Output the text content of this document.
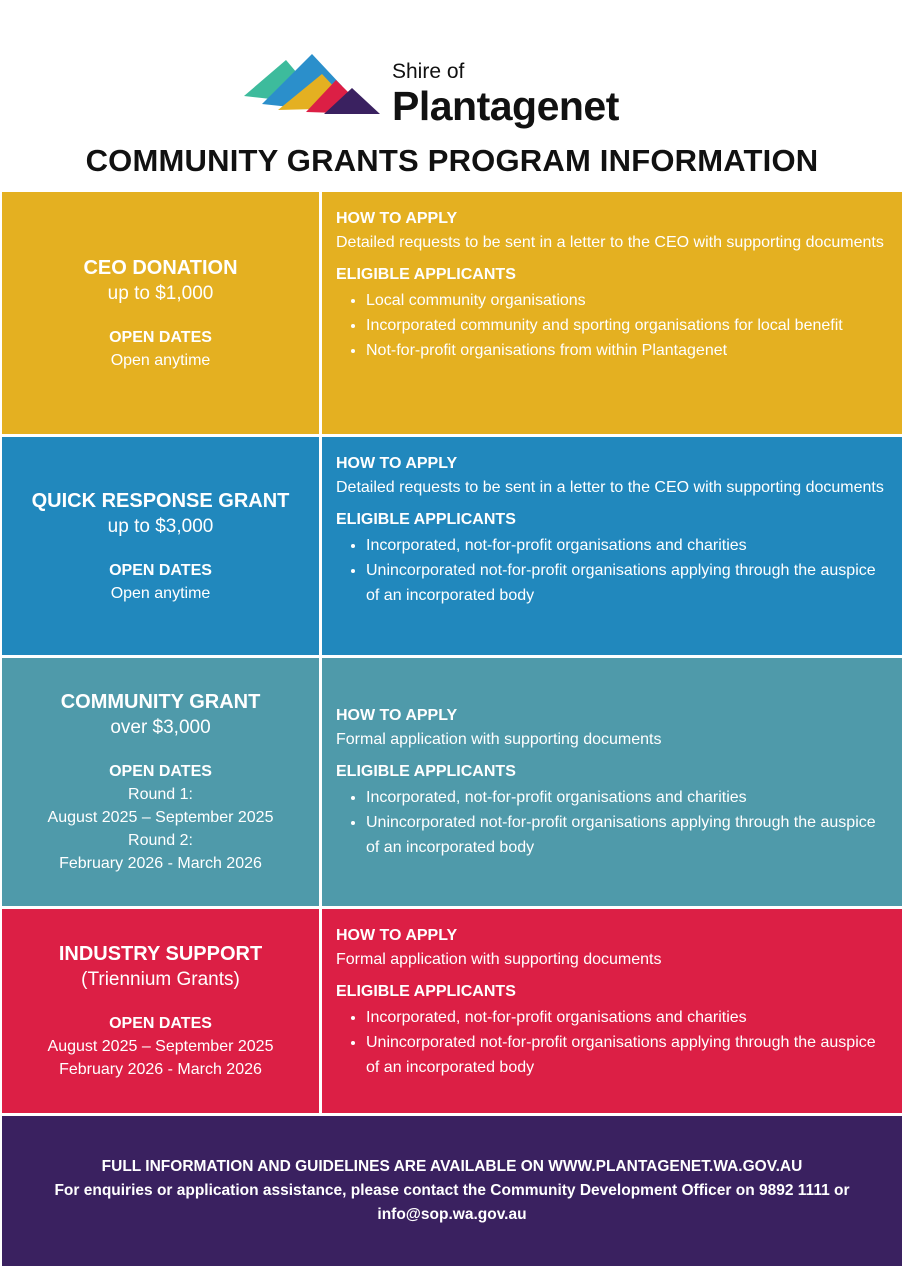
Shire of
Plantagenet
COMMUNITY GRANTS PROGRAM INFORMATION
CEO DONATION
up to $1,000
OPEN DATES
Open anytime
HOW TO APPLY
Detailed requests to be sent in a letter to the CEO with supporting documents
ELIGIBLE APPLICANTS
• Local community organisations
• Incorporated community and sporting organisations for local benefit
• Not-for-profit organisations from within Plantagenet
QUICK RESPONSE GRANT
up to $3,000
OPEN DATES
Open anytime
HOW TO APPLY
Detailed requests to be sent in a letter to the CEO with supporting documents
ELIGIBLE APPLICANTS
• Incorporated, not-for-profit organisations and charities
• Unincorporated not-for-profit organisations applying through the auspice of an incorporated body
COMMUNITY GRANT
over $3,000
OPEN DATES
Round 1:
August 2025 – September 2025
Round 2:
February 2026 - March 2026
HOW TO APPLY
Formal application with supporting documents
ELIGIBLE APPLICANTS
• Incorporated, not-for-profit organisations and charities
• Unincorporated not-for-profit organisations applying through the auspice of an incorporated body
INDUSTRY SUPPORT
(Triennium Grants)
OPEN DATES
August 2025 – September 2025
February 2026 - March 2026
HOW TO APPLY
Formal application with supporting documents
ELIGIBLE APPLICANTS
• Incorporated, not-for-profit organisations and charities
• Unincorporated not-for-profit organisations applying through the auspice of an incorporated body
FULL INFORMATION AND GUIDELINES ARE AVAILABLE ON WWW.PLANTAGENET.WA.GOV.AU
For enquiries or application assistance, please contact the Community Development Officer on 9892 1111 or info@sop.wa.gov.au
